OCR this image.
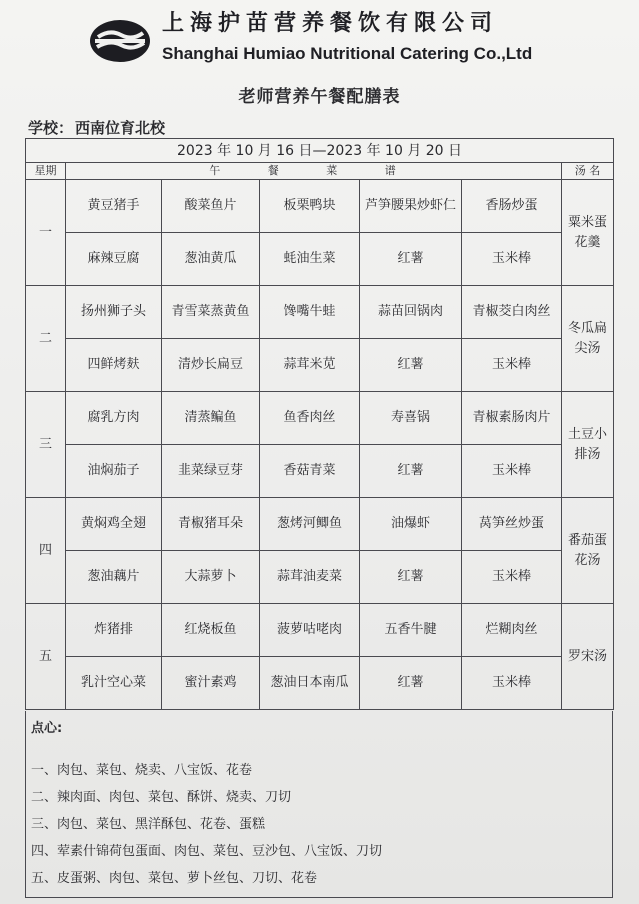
上海护苗营养餐饮有限公司
Shanghai Humiao Nutritional Catering Co.,Ltd
老师营养午餐配膳表
学校： 西南位育北校
2023 年 10 月 16 日—2023 年 10 月 20 日						
星期	午 餐 菜 谱					汤 名
一	黄豆猪手	酸菜鱼片	板栗鸭块	芦笋腰果炒虾仁	香肠炒蛋	粟米蛋花羹
	麻辣豆腐	葱油黄瓜	蚝油生菜	红薯	玉米棒	
二	扬州狮子头	青雪菜蒸黄鱼	馋嘴牛蛙	蒜苗回锅肉	青椒茭白肉丝	冬瓜扁尖汤
	四鲜烤麸	清炒长扁豆	蒜茸米苋	红薯	玉米棒	
三	腐乳方肉	清蒸鳊鱼	鱼香肉丝	寿喜锅	青椒素肠肉片	土豆小排汤
	油焖茄子	韭菜绿豆芽	香菇青菜	红薯	玉米棒	
四	黄焖鸡全翅	青椒猪耳朵	葱烤河鲫鱼	油爆虾	莴笋丝炒蛋	番茄蛋花汤
	葱油藕片	大蒜萝卜	蒜茸油麦菜	红薯	玉米棒	
五	炸猪排	红烧板鱼	菠萝咕咾肉	五香牛腱	烂糊肉丝	罗宋汤
	乳汁空心菜	蜜汁素鸡	葱油日本南瓜	红薯	玉米棒	
点心:
一、肉包、菜包、烧卖、八宝饭、花卷
二、辣肉面、肉包、菜包、酥饼、烧卖、刀切
三、肉包、菜包、黑洋酥包、花卷、蛋糕
四、荤素什锦荷包蛋面、肉包、菜包、豆沙包、八宝饭、刀切
五、皮蛋粥、肉包、菜包、萝卜丝包、刀切、花卷
